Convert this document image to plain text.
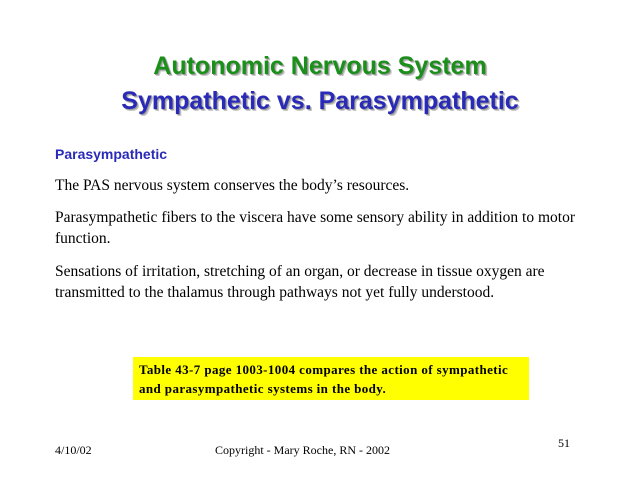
Autonomic Nervous System
Sympathetic vs. Parasympathetic
Parasympathetic
The PAS nervous system conserves the body’s resources.
Parasympathetic fibers to the viscera have some sensory ability in addition to motor function.
Sensations of irritation, stretching of an organ, or decrease in tissue oxygen are transmitted to the thalamus through pathways not yet fully understood.
Table 43-7 page 1003-1004 compares the action of sympathetic and parasympathetic systems in the body.
4/10/02	Copyright - Mary Roche, RN - 2002	51
